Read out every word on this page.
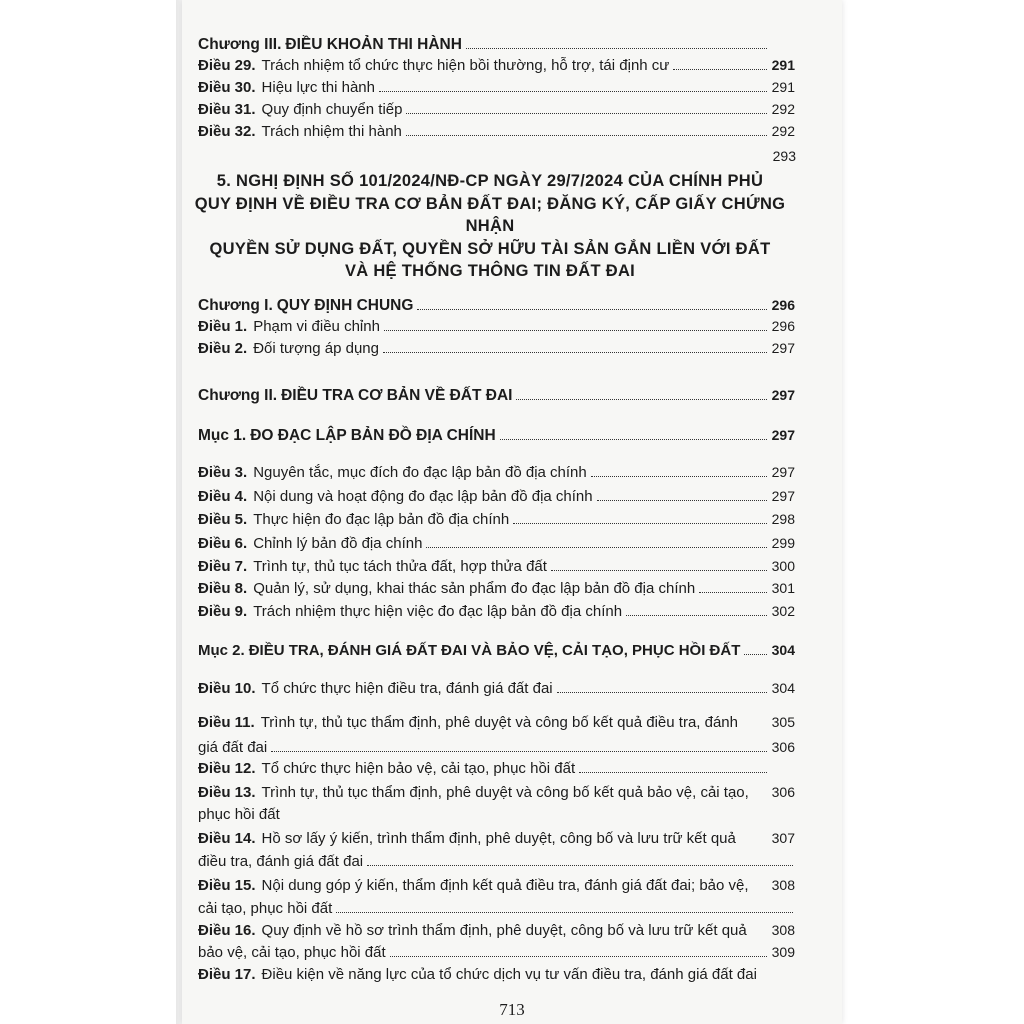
Chương III. ĐIỀU KHOẢN THI HÀNH
Điều 29. Trách nhiệm tổ chức thực hiện bồi thường, hỗ trợ, tái định cư	291
Điều 30. Hiệu lực thi hành	291
Điều 31. Quy định chuyển tiếp	292
Điều 32. Trách nhiệm thi hành	292
293
5. NGHỊ ĐỊNH SỐ 101/2024/NĐ-CP NGÀY 29/7/2024 CỦA CHÍNH PHỦ
QUY ĐỊNH VỀ ĐIỀU TRA CƠ BẢN ĐẤT ĐAI; ĐĂNG KÝ, CẤP GIẤY CHỨNG NHẬN
QUYỀN SỬ DỤNG ĐẤT, QUYỀN SỞ HỮU TÀI SẢN GẮN LIỀN VỚI ĐẤT
VÀ HỆ THỐNG THÔNG TIN ĐẤT ĐAI
Chương I. QUY ĐỊNH CHUNG	296
Điều 1. Phạm vi điều chỉnh	296
Điều 2. Đối tượng áp dụng	297
Chương II. ĐIỀU TRA CƠ BẢN VỀ ĐẤT ĐAI	297
Mục 1. ĐO ĐẠC LẬP BẢN ĐỒ ĐỊA CHÍNH	297
Điều 3. Nguyên tắc, mục đích đo đạc lập bản đồ địa chính	297
Điều 4. Nội dung và hoạt động đo đạc lập bản đồ địa chính	297
Điều 5. Thực hiện đo đạc lập bản đồ địa chính	298
Điều 6. Chỉnh lý bản đồ địa chính	299
Điều 7. Trình tự, thủ tục tách thửa đất, hợp thửa đất	300
Điều 8. Quản lý, sử dụng, khai thác sản phẩm đo đạc lập bản đồ địa chính	301
Điều 9. Trách nhiệm thực hiện việc đo đạc lập bản đồ địa chính	302
Mục 2. ĐIỀU TRA, ĐÁNH GIÁ ĐẤT ĐAI VÀ BẢO VỆ, CẢI TẠO, PHỤC HỒI ĐẤT 304
Điều 10. Tổ chức thực hiện điều tra, đánh giá đất đai	304
Điều 11. Trình tự, thủ tục thẩm định, phê duyệt và công bố kết quả điều tra, đánh 305
giá đất đai	306
Điều 12. Tổ chức thực hiện bảo vệ, cải tạo, phục hồi đất
Điều 13. Trình tự, thủ tục thẩm định, phê duyệt và công bố kết quả bảo vệ, cải tạo, 306
phục hồi đất
Điều 14. Hồ sơ lấy ý kiến, trình thẩm định, phê duyệt, công bố và lưu trữ kết quả	307
điều tra, đánh giá đất đai
Điều 15. Nội dung góp ý kiến, thẩm định kết quả điều tra, đánh giá đất đai; bảo vệ, 308
cải tạo, phục hồi đất
Điều 16. Quy định về hồ sơ trình thẩm định, phê duyệt, công bố và lưu trữ kết quả 308
bảo vệ, cải tạo, phục hồi đất	309
Điều 17. Điều kiện về năng lực của tổ chức dịch vụ tư vấn điều tra, đánh giá đất đai
713
